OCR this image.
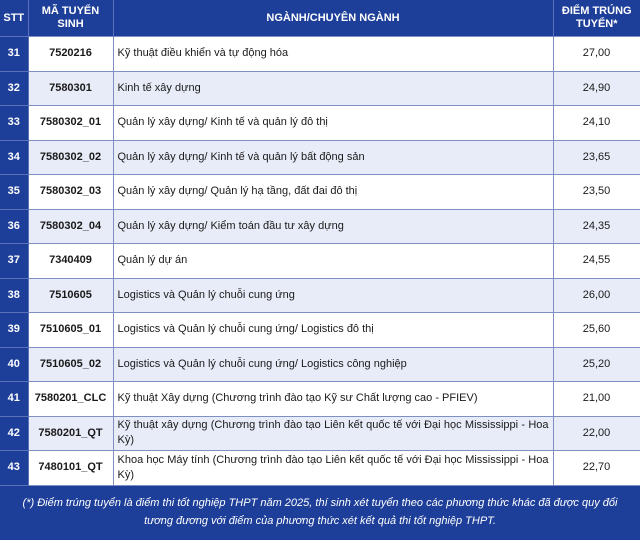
STT	MÃ TUYỂN SINH	NGÀNH/CHUYÊN NGÀNH	ĐIỂM TRÚNG TUYỂN*
31	7520216	Kỹ thuật điều khiển và tự động hóa	27,00
32	7580301	Kinh tế xây dựng	24,90
33	7580302_01	Quản lý xây dựng/ Kinh tế và quản lý đô thị	24,10
34	7580302_02	Quản lý xây dựng/ Kinh tế và quản lý bất động sản	23,65
35	7580302_03	Quản lý xây dựng/ Quản lý hạ tầng, đất đai đô thị	23,50
36	7580302_04	Quản lý xây dựng/ Kiểm toán đầu tư xây dựng	24,35
37	7340409	Quản lý dự án	24,55
38	7510605	Logistics và Quản lý chuỗi cung ứng	26,00
39	7510605_01	Logistics và Quản lý chuỗi cung ứng/ Logistics đô thị	25,60
40	7510605_02	Logistics và Quản lý chuỗi cung ứng/ Logistics công nghiệp	25,20
41	7580201_CLC	Kỹ thuật Xây dựng (Chương trình đào tạo Kỹ sư Chất lượng cao - PFIEV)	21,00
42	7580201_QT	Kỹ thuật xây dựng (Chương trình đào tạo Liên kết quốc tế với Đại học Mississippi - Hoa Kỳ)	22,00
43	7480101_QT	Khoa học Máy tính (Chương trình đào tạo Liên kết quốc tế với Đại học Mississippi - Hoa Kỳ)	22,70
(*) Điểm trúng tuyển là điểm thi tốt nghiệp THPT năm 2025, thí sinh xét tuyển theo các phương thức khác đã được quy đổi tương đương với điểm của phương thức xét kết quả thi tốt nghiệp THPT.
